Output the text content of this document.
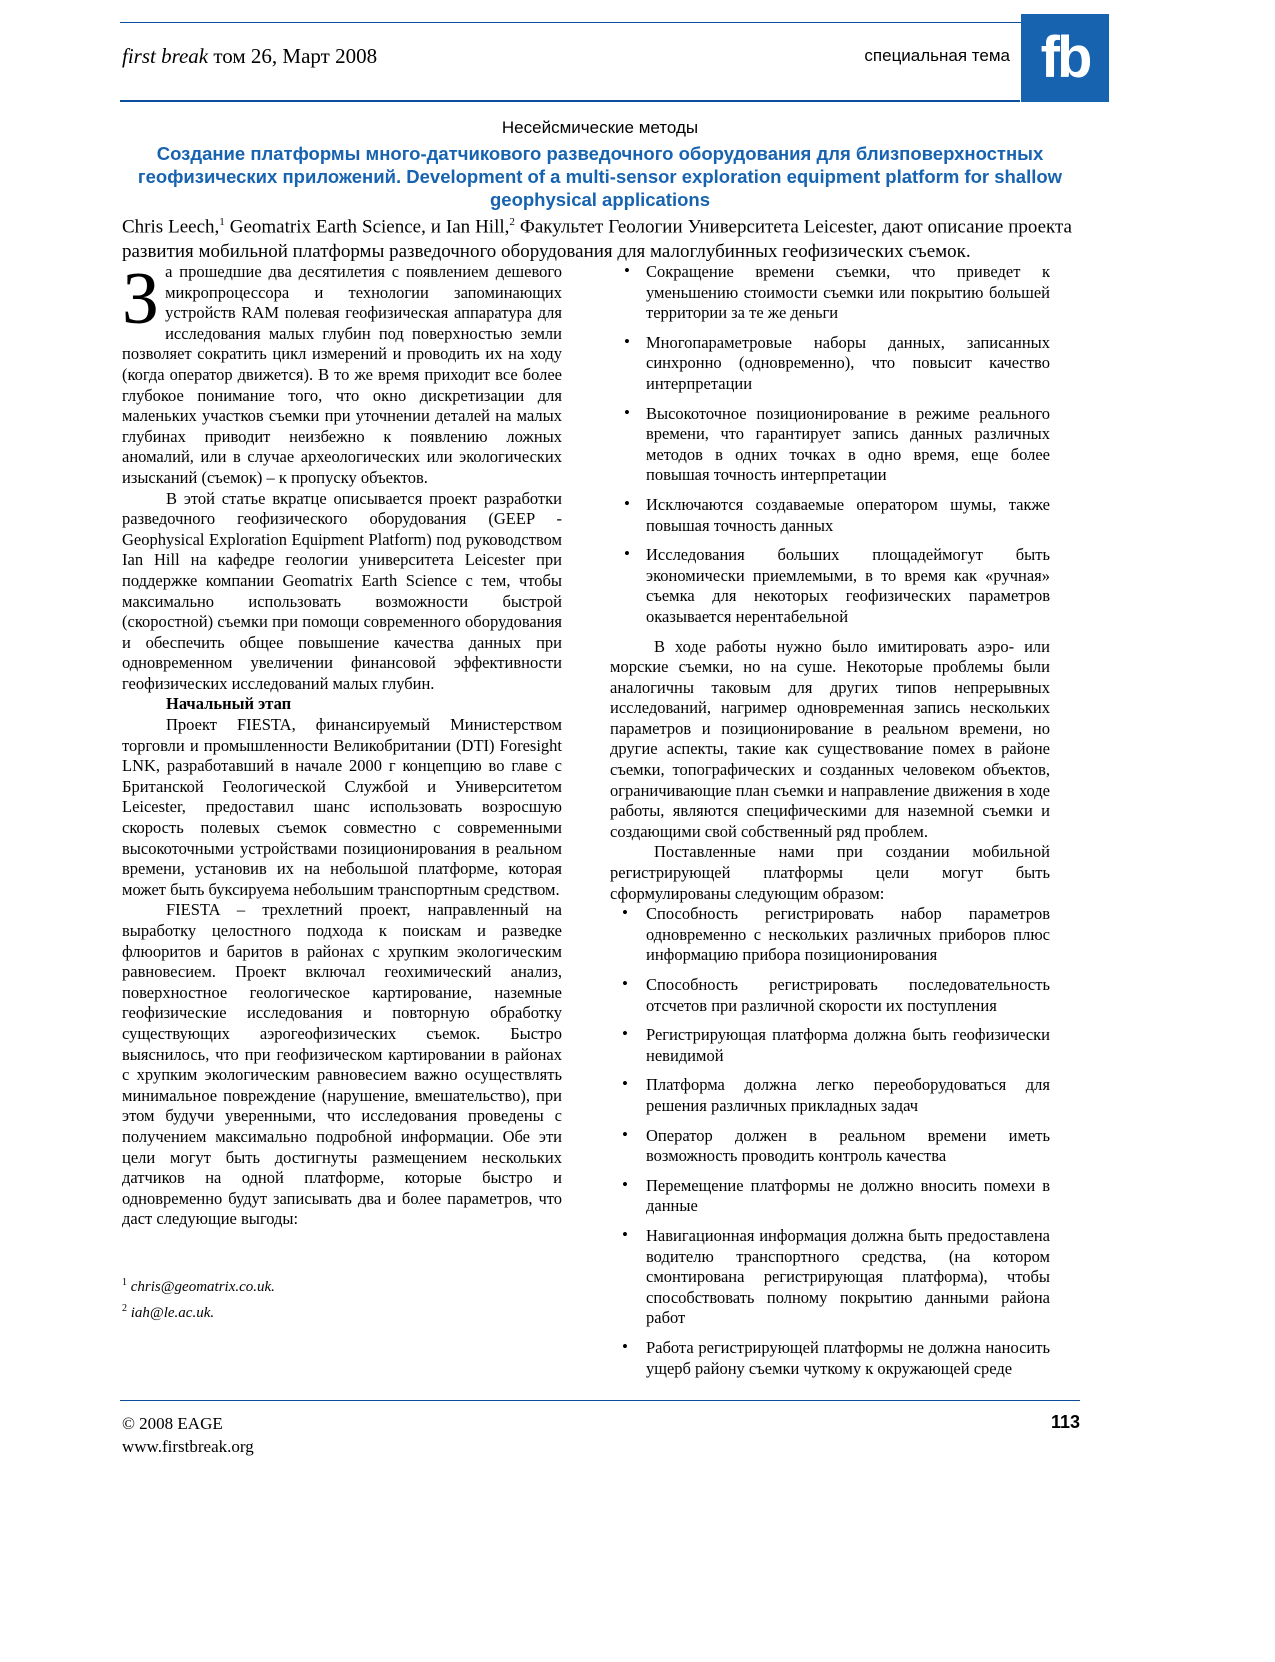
first break том 26, Март 2008	специальная тема fb
Несейсмические методы
Создание платформы много-датчикового разведочного оборудования для близповерхностных геофизических приложений. Development of a multi-sensor exploration equipment platform for shallow geophysical applications
Chris Leech,$^1$ Geomatrix Earth Science, и Ian Hill,$^2$ Факультет Геологии Университета Leicester, дают описание проекта развития мобильной платформы разведочного оборудования для малоглубинных геофизических съемок.
З а прошедшие два десятилетия с появлением дешевого микропроцессора и технологии запоминающих устройств RAM полевая геофизическая аппаратура для исследования малых глубин под поверхностью земли позволяет сократить цикл измерений и проводить их на ходу (когда оператор движется). В то же время приходит все более глубокое понимание того, что окно дискретизации для маленьких участков съемки при уточнении деталей на малых глубинах приводит неизбежно к появлению ложных аномалий, или в случае археологических или экологических изысканий (съемок) – к пропуску объектов.

В этой статье вкратце описывается проект разработки разведочного геофизического оборудования (GEEP - Geophysical Exploration Equipment Platform) под руководством Ian Hill на кафедре геологии университета Leicester при поддержке компании Geomatrix Earth Science с тем, чтобы максимально использовать возможности быстрой (скоростной) съемки при помощи современного оборудования и обеспечить общее повышение качества данных при одновременном увеличении финансовой эффективности геофизических исследований малых глубин.

Начальный этап

Проект FIESTA, финансируемый Министерством торговли и промышленности Великобритании (DTI) Foresight LNK, разработавший в начале 2000 г концепцию во главе с Британской Геологической Службой и Университетом Leicester, предоставил шанс использовать возросшую скорость полевых съемок совместно с современными высокоточными устройствами позиционирования в реальном времени, установив их на небольшой платформе, которая может быть буксируема небольшим транспортным средством.

FIESTA – трехлетний проект, направленный на выработку целостного подхода к поискам и разведке флюоритов и баритов в районах с хрупким экологическим равновесием. Проект включал геохимический анализ, поверхностное геологическое картирование, наземные геофизические исследования и повторную обработку существующих аэрогеофизических съемок. Быстро выяснилось, что при геофизическом картировании в районах с хрупким экологическим равновесием важно осуществлять минимальное повреждение (нарушение, вмешательство), при этом будучи уверенными, что исследования проведены с получением максимально подробной информации. Обе эти цели могут быть достигнуты размещением нескольких датчиков на одной платформе, которые быстро и одновременно будут записывать два и более параметров, что даст следующие выгоды:

$^1$ chris@geomatrix.co.uk.
$^2$ iah@le.ac.uk.
• Сокращение времени съемки, что приведет к уменьшению стоимости съемки или покрытию большей территории за те же деньги
• Многопараметровые наборы данных, записанных синхронно (одновременно), что повысит качество интерпретации
• Высокоточное позиционирование в режиме реального времени, что гарантирует запись данных различных методов в одних точках в одно время, еще более повышая точность интерпретации
• Исключаются создаваемые оператором шумы, также повышая точность данных
• Исследования больших площадеймогут быть экономически приемлемыми, в то время как «ручная» съемка для некоторых геофизических параметров оказывается нерентабельной

В ходе работы нужно было имитировать аэро- или морские съемки, но на суше. Некоторые проблемы были аналогичны таковым для других типов непрерывных исследований, нагример одновременная запись нескольких параметров и позиционирование в реальном времени, но другие аспекты, такие как существование помех в районе съемки, топографических и созданных человеком объектов, ограничивающие план съемки и направление движения в ходе работы, являются специфическими для наземной съемки и создающими свой собственный ряд проблем.

Поставленные нами при создании мобильной регистрирующей платформы цели могут быть сформулированы следующим образом:

• Способность регистрировать набор параметров одновременно с нескольких различных приборов плюс информацию прибора позиционирования
• Способность регистрировать последовательность отсчетов при различной скорости их поступления
• Регистрирующая платформа должна быть геофизически невидимой
• Платформа должна легко переоборудоваться для решения различных прикладных задач
• Оператор должен в реальном времени иметь возможность проводить контроль качества
• Перемещение платформы не должно вносить помехи в данные
• Навигационная информация должна быть предоставлена водителю транспортного средства, (на котором смонтирована регистрирующая платформа), чтобы способствовать полному покрытию данными района работ
• Работа регистрирующей платформы не должна наносить ущерб району съемки чуткому к окружающей среде
© 2008 EAGE
www.firstbreak.org
113
